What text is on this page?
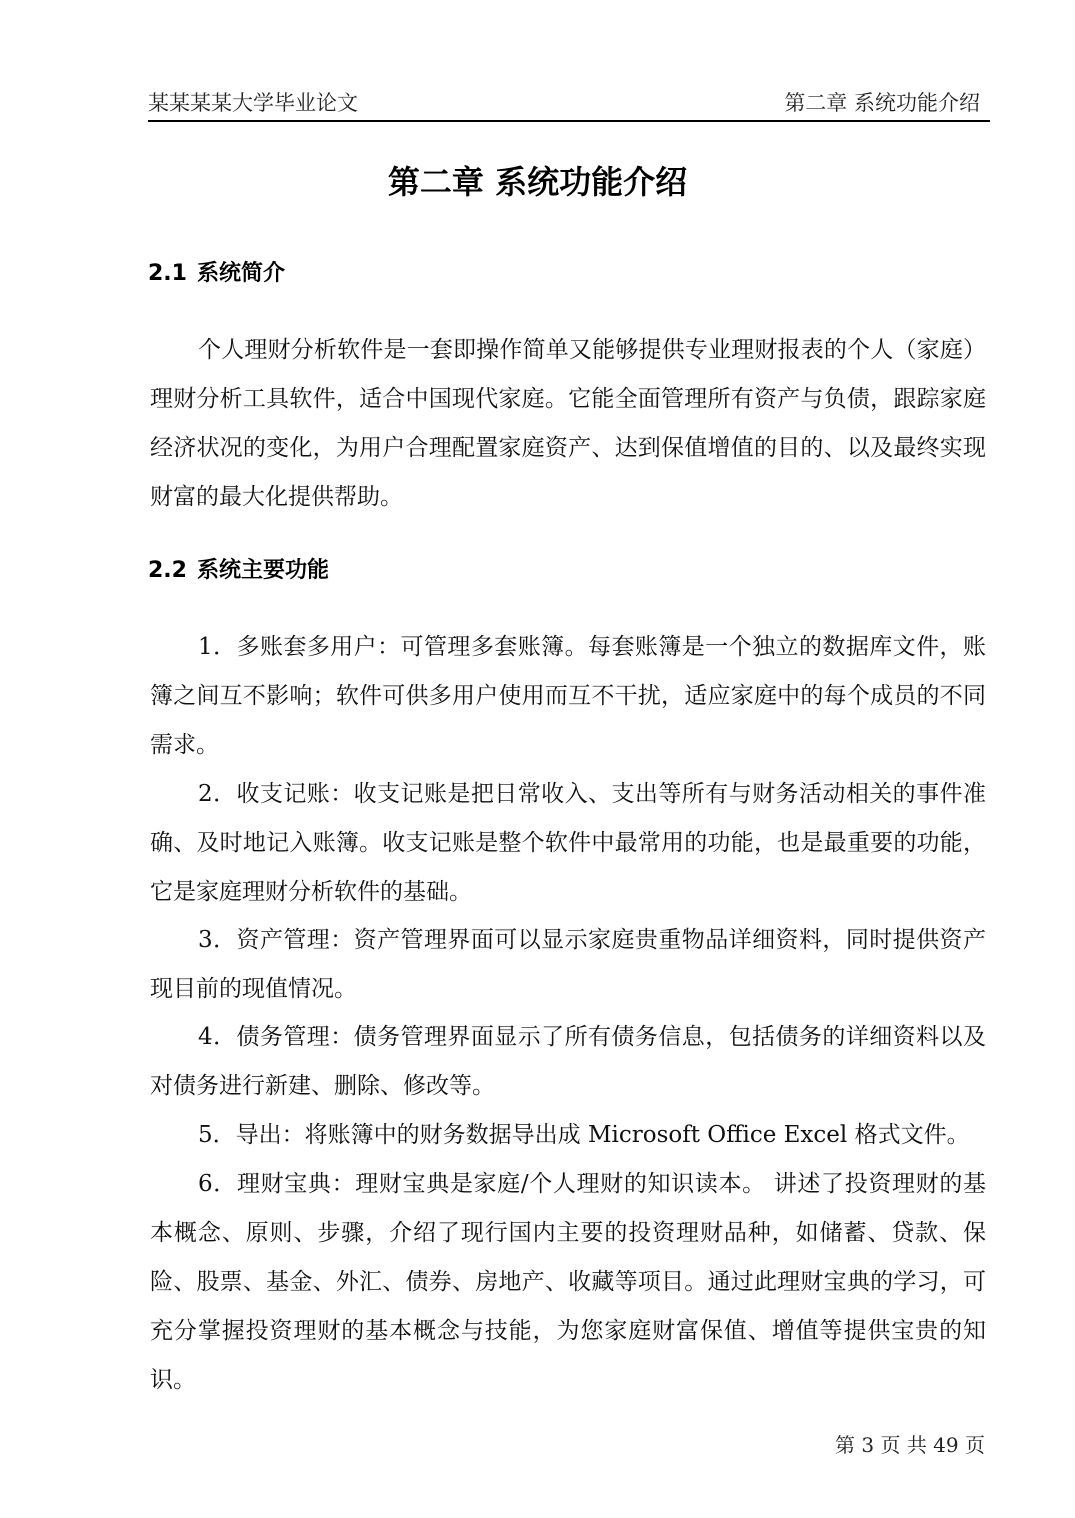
某某某某大学毕业论文	第二章 系统功能介绍
第二章 系统功能介绍
2.1 系统简介

个人理财分析软件是一套即操作简单又能够提供专业理财报表的个人（家庭）理财分析工具软件，适合中国现代家庭。它能全面管理所有资产与负债，跟踪家庭经济状况的变化，为用户合理配置家庭资产、达到保值增值的目的、以及最终实现财富的最大化提供帮助。

2.2 系统主要功能

1．多账套多用户：可管理多套账簿。每套账簿是一个独立的数据库文件，账簿之间互不影响；软件可供多用户使用而互不干扰，适应家庭中的每个成员的不同需求。

2．收支记账：收支记账是把日常收入、支出等所有与财务活动相关的事件准确、及时地记入账簿。收支记账是整个软件中最常用的功能，也是最重要的功能，它是家庭理财分析软件的基础。

3．资产管理：资产管理界面可以显示家庭贵重物品详细资料，同时提供资产现目前的现值情况。

4．债务管理：债务管理界面显示了所有债务信息，包括债务的详细资料以及对债务进行新建、删除、修改等。

5．导出：将账簿中的财务数据导出成 Microsoft Office Excel 格式文件。

6．理财宝典：理财宝典是家庭/个人理财的知识读本。 讲述了投资理财的基本概念、原则、步骤，介绍了现行国内主要的投资理财品种，如储蓄、贷款、保险、股票、基金、外汇、债券、房地产、收藏等项目。通过此理财宝典的学习，可充分掌握投资理财的基本概念与技能，为您家庭财富保值、增值等提供宝贵的知识。

第 3 页 共 49 页
